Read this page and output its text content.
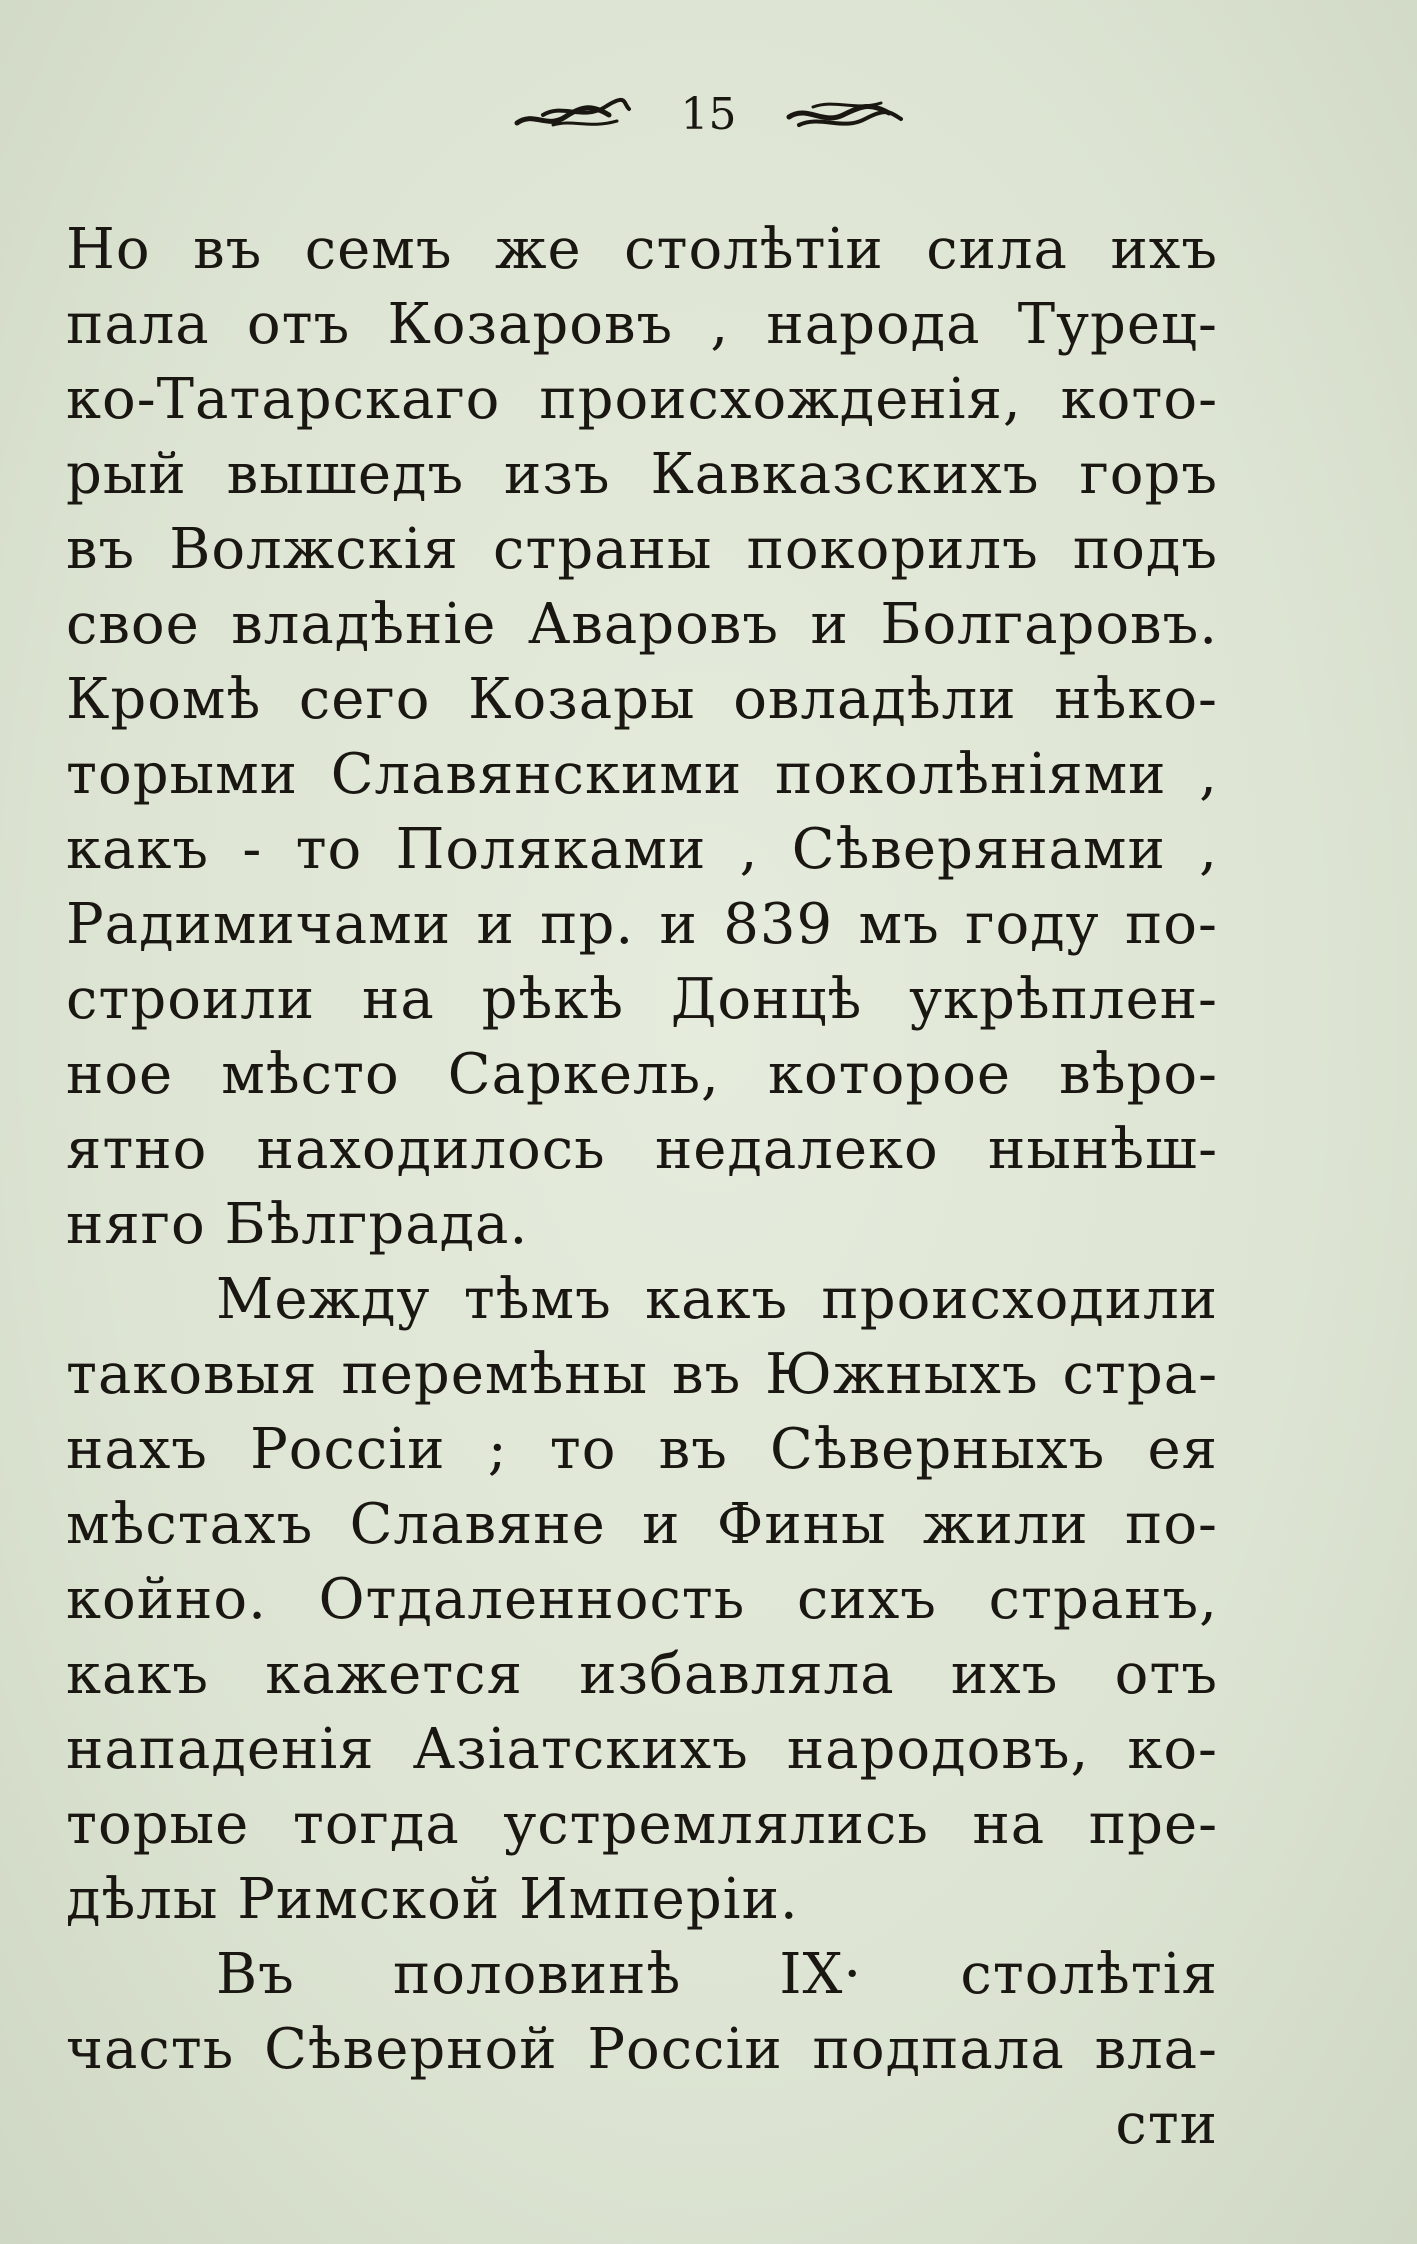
15
Но въ семъ же столѣтіи сила ихъ
пала отъ Козаровъ , народа Турец-
ко-Татарскаго происхожденія, кото-
рый вышедъ изъ Кавказскихъ горъ
въ Волжскія страны покорилъ подъ
свое владѣніе Аваровъ и Болгаровъ.
Кромѣ сего Козары овладѣли нѣко-
торыми Славянскими поколѣніями ,
какъ - то Поляками , Сѣверянами ,
Радимичами и пр. и 839 мъ году по-
строили на рѣкѣ Донцѣ укрѣплен-
ное мѣсто Саркель, которое вѣро-
ятно находилось недалеко нынѣш-
няго Бѣлграда.
Между тѣмъ какъ происходили
таковыя перемѣны въ Южныхъ стра-
нахъ Россіи ; то въ Сѣверныхъ ея
мѣстахъ Славяне и Фины жили по-
койно. Отдаленность сихъ странъ,
какъ кажется избавляла ихъ отъ
нападенія Азіатскихъ народовъ, ко-
торые тогда устремлялись на пре-
дѣлы Римской Имперіи.
Въ половинѣ IX· столѣтія
часть Сѣверной Россіи подпала вла-
сти
